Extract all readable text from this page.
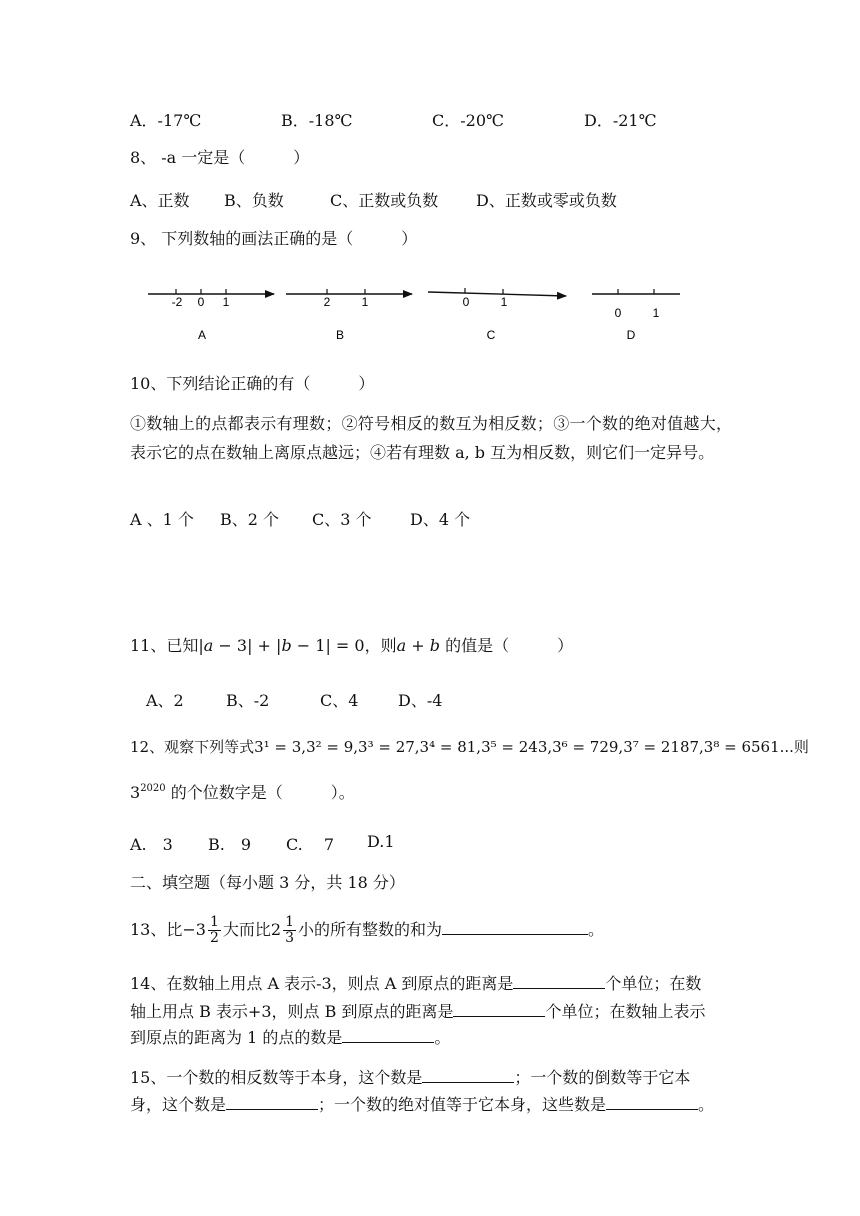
A．-17℃	B．-18℃	C．-20℃	D．-21℃
8、 -a 一定是（　　　）
A、正数 B、负数	C、正数或负数 D、正数或零或负数
9、 下列数轴的画法正确的是（　　　）
-2 0 1
A
2	1
B
0	1
C
0	1
D
10、下列结论正确的有（　　　）
①数轴上的点都表示有理数；②符号相反的数互为相反数；③一个数的绝对值越大，表示它的点在数轴上离原点越远；④若有理数 a, b 互为相反数，则它们一定异号。
A 、1 个 B、2 个 C、3 个 D、4 个
11、已知|a − 3| + |b − 1| = 0，则a + b 的值是（　　　）
A、2	B、-2	C、4 D、-4
12、观察下列等式3¹ = 3,3² = 9,3³ = 27,3⁴ = 81,3⁵ = 243,3⁶ = 729,3⁷ = 2187,3⁸ = 6561...则
$3^{2020}$ 的个位数字是（　　　）。
A.　3 B.　9 C.　 7 D.1
二、填空题（每小题 3 分，共 18 分）
13、比$-3 \frac{1}{2}$ 大而比$2 \frac{1}{3}$ 小的所有整数的和为	。
14、在数轴上用点 A 表示-3，则点 A 到原点的距离是	个单位；在数
轴上用点 B 表示+3，则点 B 到原点的距离是	个单位；在数轴上表示
到原点的距离为 1 的点的数是	。
15、一个数的相反数等于本身，这个数是	；一个数的倒数等于它本
身，这个数是	；一个数的绝对值等于它本身，这些数是	。
